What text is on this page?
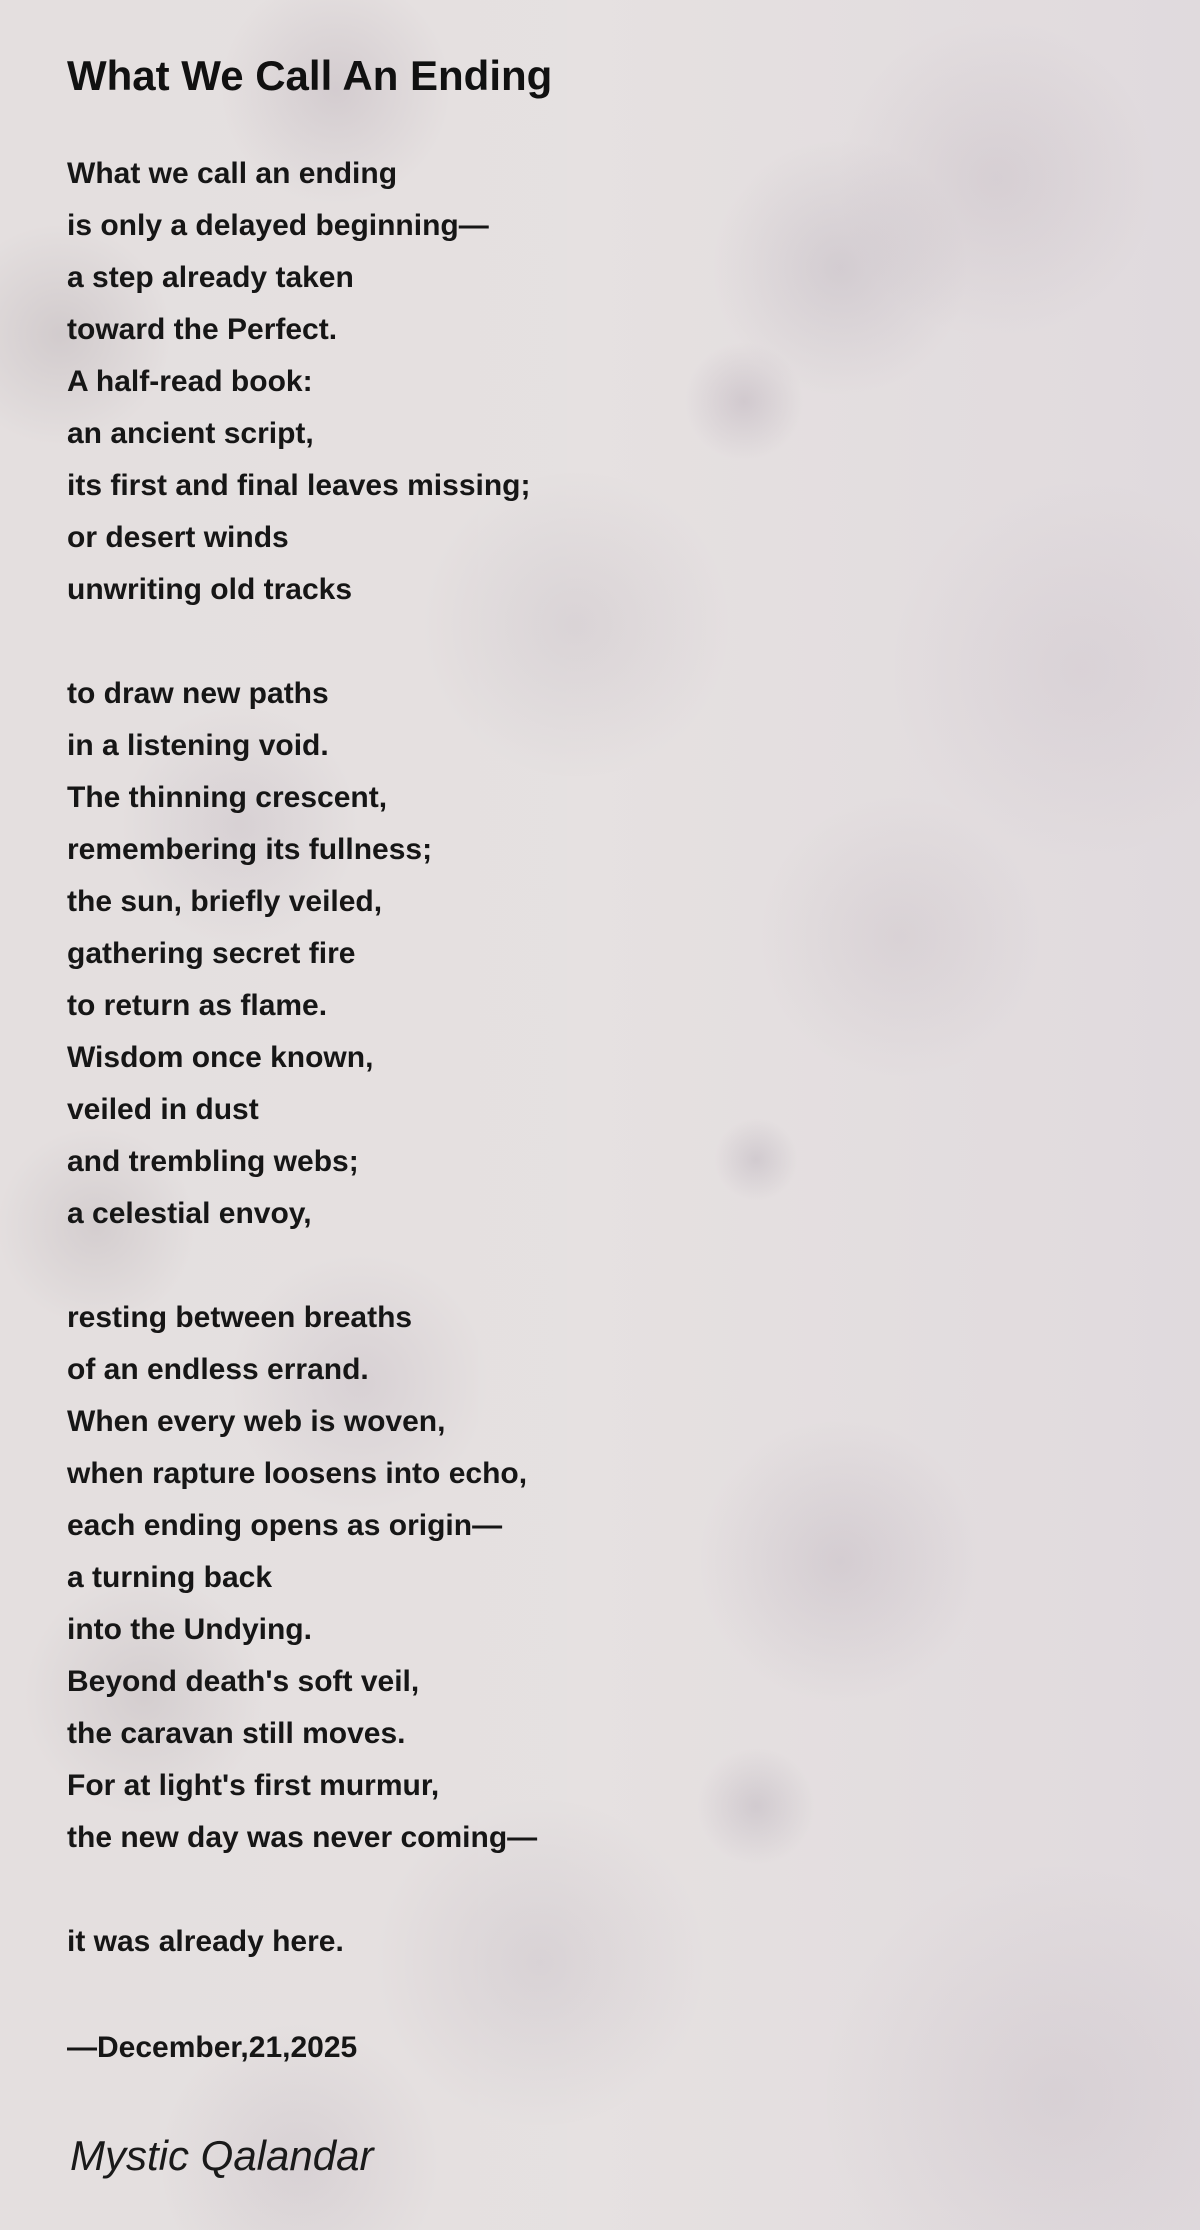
What We Call An Ending
What we call an ending
is only a delayed beginning—
a step already taken
toward the Perfect.
A half-read book:
an ancient script,
its first and final leaves missing;
or desert winds
unwriting old tracks
to draw new paths
in a listening void.
The thinning crescent,
remembering its fullness;
the sun, briefly veiled,
gathering secret fire
to return as flame.
Wisdom once known,
veiled in dust
and trembling webs;
a celestial envoy,
resting between breaths
of an endless errand.
When every web is woven,
when rapture loosens into echo,
each ending opens as origin—
a turning back
into the Undying.
Beyond death's soft veil,
the caravan still moves.
For at light's first murmur,
the new day was never coming—
it was already here.
—December,21,2025
Mystic Qalandar
